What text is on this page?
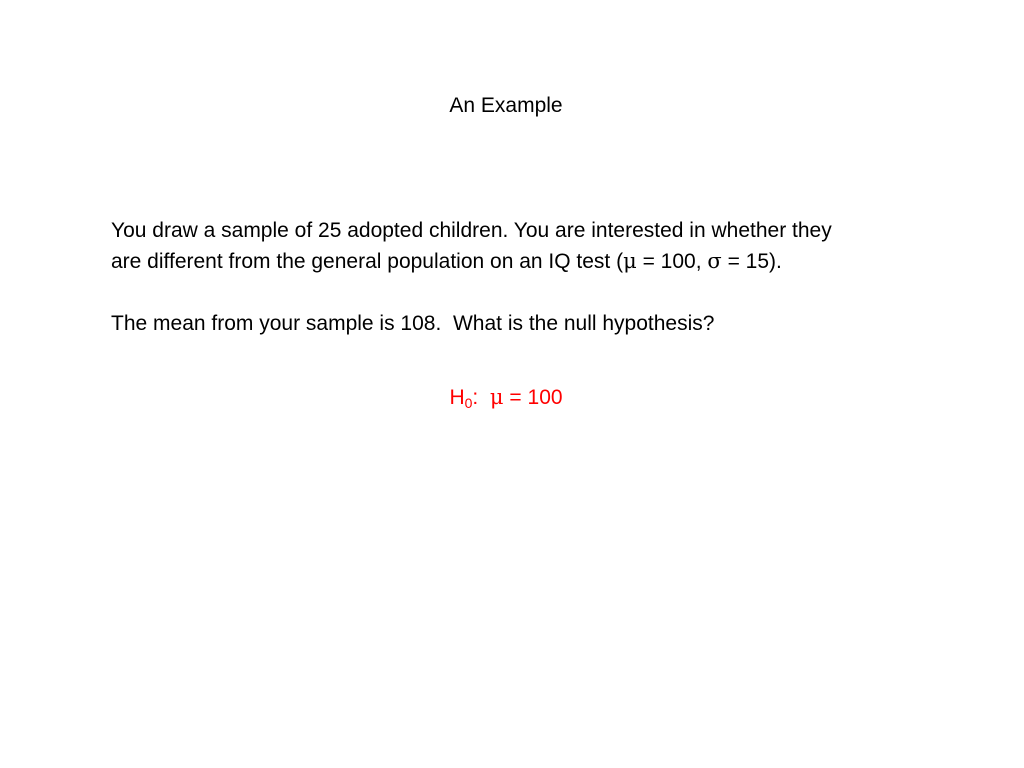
An Example
You draw a sample of 25 adopted children. You are interested in whether they
are different from the general population on an IQ test (μ = 100, σ = 15).
The mean from your sample is 108.  What is the null hypothesis?
$H_0$:  μ = 100
